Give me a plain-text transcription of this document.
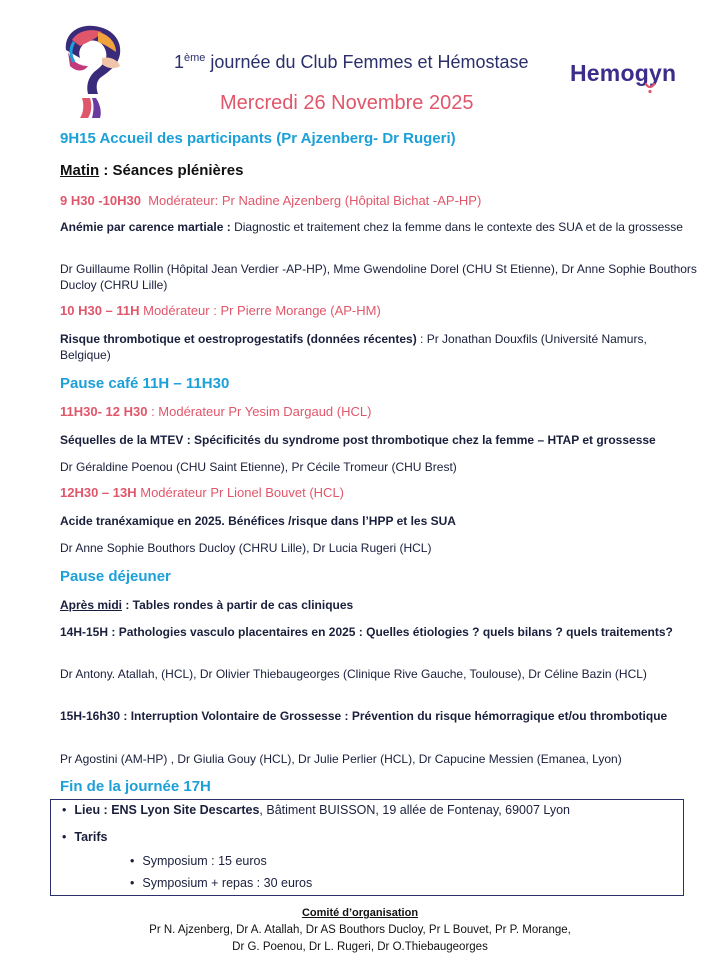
1ème journée du Club Femmes et Hémostase
Mercredi 26 Novembre 2025
Hemogyn
9H15 Accueil des participants (Pr Ajzenberg- Dr Rugeri)
Matin : Séances plénières
9 H30 -10H30 Modérateur: Pr Nadine Ajzenberg (Hôpital Bichat -AP-HP)
Anémie par carence martiale : Diagnostic et traitement chez la femme dans le contexte des SUA et de la grossesse
Dr Guillaume Rollin (Hôpital Jean Verdier -AP-HP), Mme Gwendoline Dorel (CHU St Etienne), Dr Anne Sophie Bouthors Ducloy (CHRU Lille)
10 H30 – 11H Modérateur : Pr Pierre Morange (AP-HM)
Risque thrombotique et oestroprogestatifs (données récentes) : Pr Jonathan Douxfils (Université Namurs, Belgique)
Pause café 11H – 11H30
11H30- 12 H30 : Modérateur Pr Yesim Dargaud (HCL)
Séquelles de la MTEV : Spécificités du syndrome post thrombotique chez la femme – HTAP et grossesse
Dr Géraldine Poenou (CHU Saint Etienne), Pr Cécile Tromeur (CHU Brest)
12H30 – 13H Modérateur Pr Lionel Bouvet (HCL)
Acide tranéxamique en 2025. Bénéfices /risque dans l’HPP et les SUA
Dr Anne Sophie Bouthors Ducloy (CHRU Lille), Dr Lucia Rugeri (HCL)
Pause déjeuner
Après midi : Tables rondes à partir de cas cliniques
14H-15H : Pathologies vasculo placentaires en 2025 : Quelles étiologies ? quels bilans ? quels traitements?
Dr Antony. Atallah, (HCL), Dr Olivier Thiebaugeorges (Clinique Rive Gauche, Toulouse), Dr Céline Bazin (HCL)
15H-16h30 : Interruption Volontaire de Grossesse : Prévention du risque hémorragique et/ou thrombotique
Pr Agostini (AM-HP) , Dr Giulia Gouy (HCL), Dr Julie Perlier (HCL), Dr Capucine Messien (Emanea, Lyon)
Fin de la journée 17H
• Lieu : ENS Lyon Site Descartes, Bâtiment BUISSON, 19 allée de Fontenay, 69007 Lyon
• Tarifs
• Symposium : 15 euros
• Symposium + repas : 30 euros
Comité d’organisation
Pr N. Ajzenberg, Dr A. Atallah, Dr AS Bouthors Ducloy, Pr L Bouvet, Pr P. Morange,
Dr G. Poenou, Dr L. Rugeri, Dr O.Thiebaugeorges
